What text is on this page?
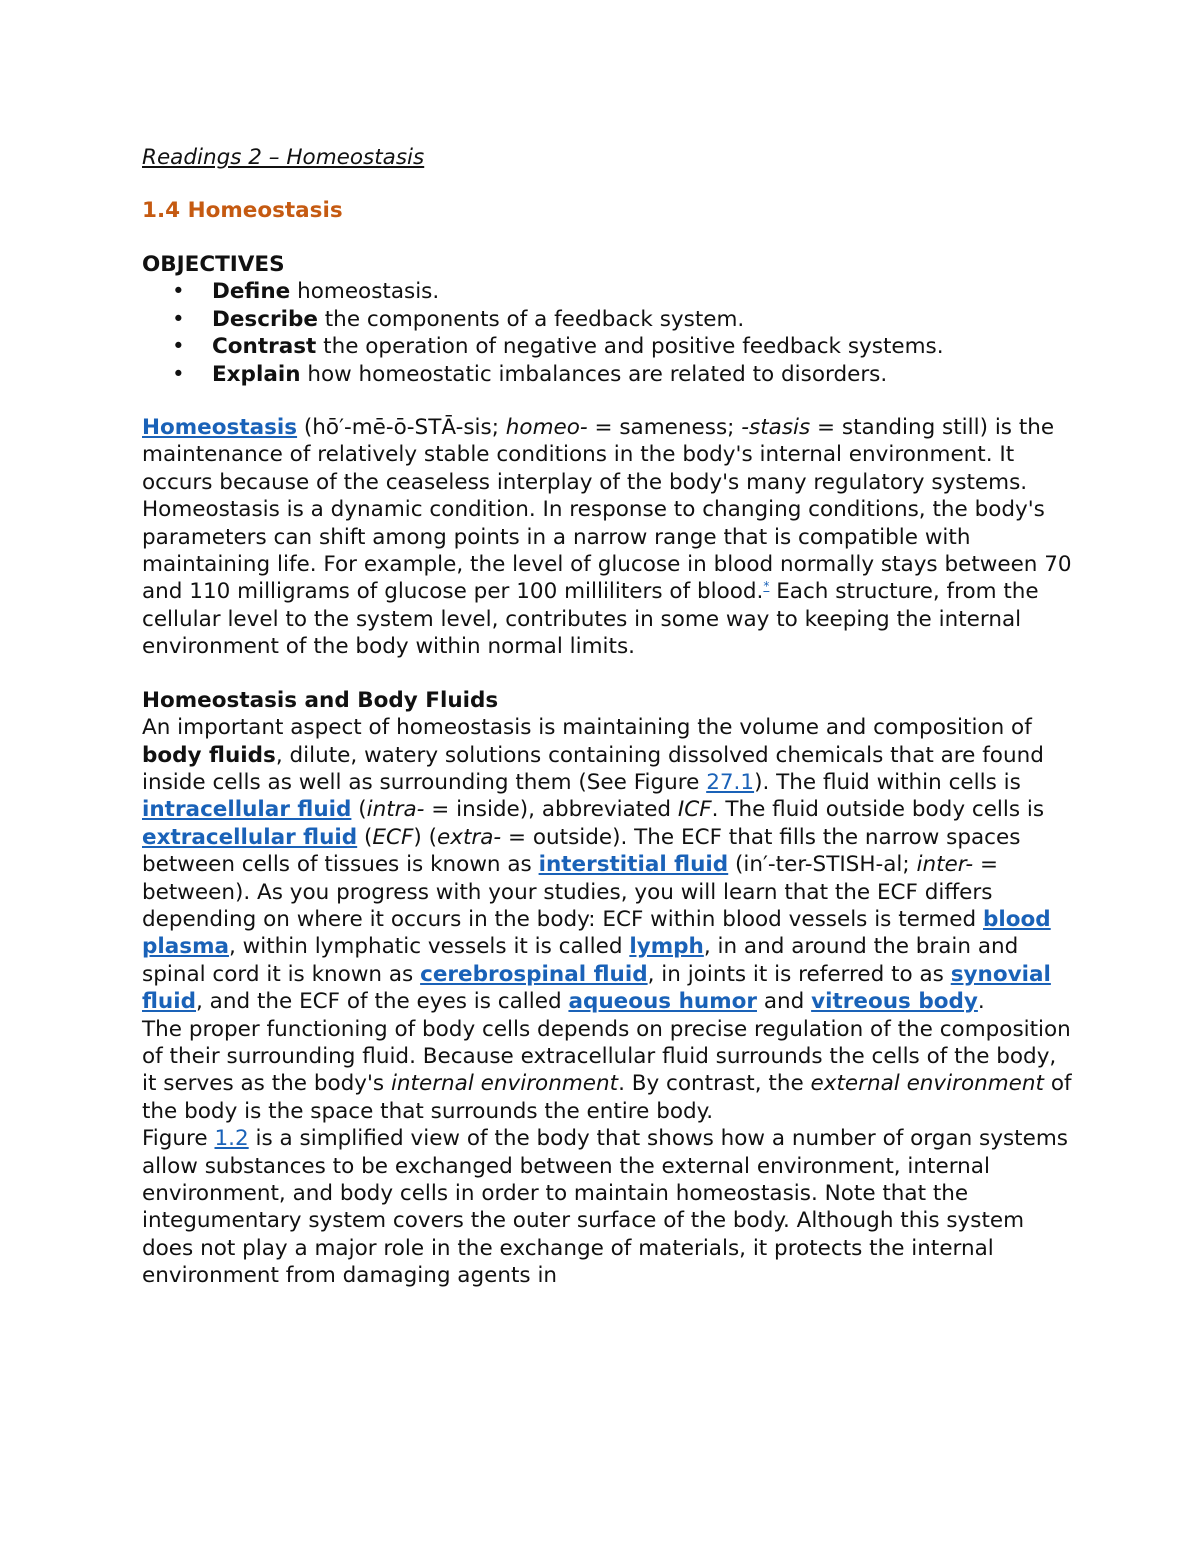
Readings 2 – Homeostasis
1.4 Homeostasis
OBJECTIVES
• Define homeostasis.
• Describe the components of a feedback system.
• Contrast the operation of negative and positive feedback systems.
• Explain how homeostatic imbalances are related to disorders.

Homeostasis (hō′-mē-ō-STĀ-sis; homeo- = sameness; -stasis = standing still) is the maintenance of relatively stable conditions in the body's internal environment. It occurs because of the ceaseless interplay of the body's many regulatory systems. Homeostasis is a dynamic condition. In response to changing conditions, the body's parameters can shift among points in a narrow range that is compatible with maintaining life. For example, the level of glucose in blood normally stays between 70 and 110 milligrams of glucose per 100 milliliters of blood.* Each structure, from the cellular level to the system level, contributes in some way to keeping the internal environment of the body within normal limits.

Homeostasis and Body Fluids

An important aspect of homeostasis is maintaining the volume and composition of body fluids, dilute, watery solutions containing dissolved chemicals that are found inside cells as well as surrounding them (See Figure 27.1). The fluid within cells is intracellular fluid (intra- = inside), abbreviated ICF. The fluid outside body cells is extracellular fluid (ECF) (extra- = outside). The ECF that fills the narrow spaces between cells of tissues is known as interstitial fluid (in′-ter-STISH-al; inter- = between). As you progress with your studies, you will learn that the ECF differs depending on where it occurs in the body: ECF within blood vessels is termed blood plasma, within lymphatic vessels it is called lymph, in and around the brain and spinal cord it is known as cerebrospinal fluid, in joints it is referred to as synovial fluid, and the ECF of the eyes is called aqueous humor and vitreous body.

The proper functioning of body cells depends on precise regulation of the composition of their surrounding fluid. Because extracellular fluid surrounds the cells of the body, it serves as the body's internal environment. By contrast, the external environment of the body is the space that surrounds the entire body.

Figure 1.2 is a simplified view of the body that shows how a number of organ systems allow substances to be exchanged between the external environment, internal environment, and body cells in order to maintain homeostasis. Note that the integumentary system covers the outer surface of the body. Although this system does not play a major role in the exchange of materials, it protects the internal environment from damaging agents in
